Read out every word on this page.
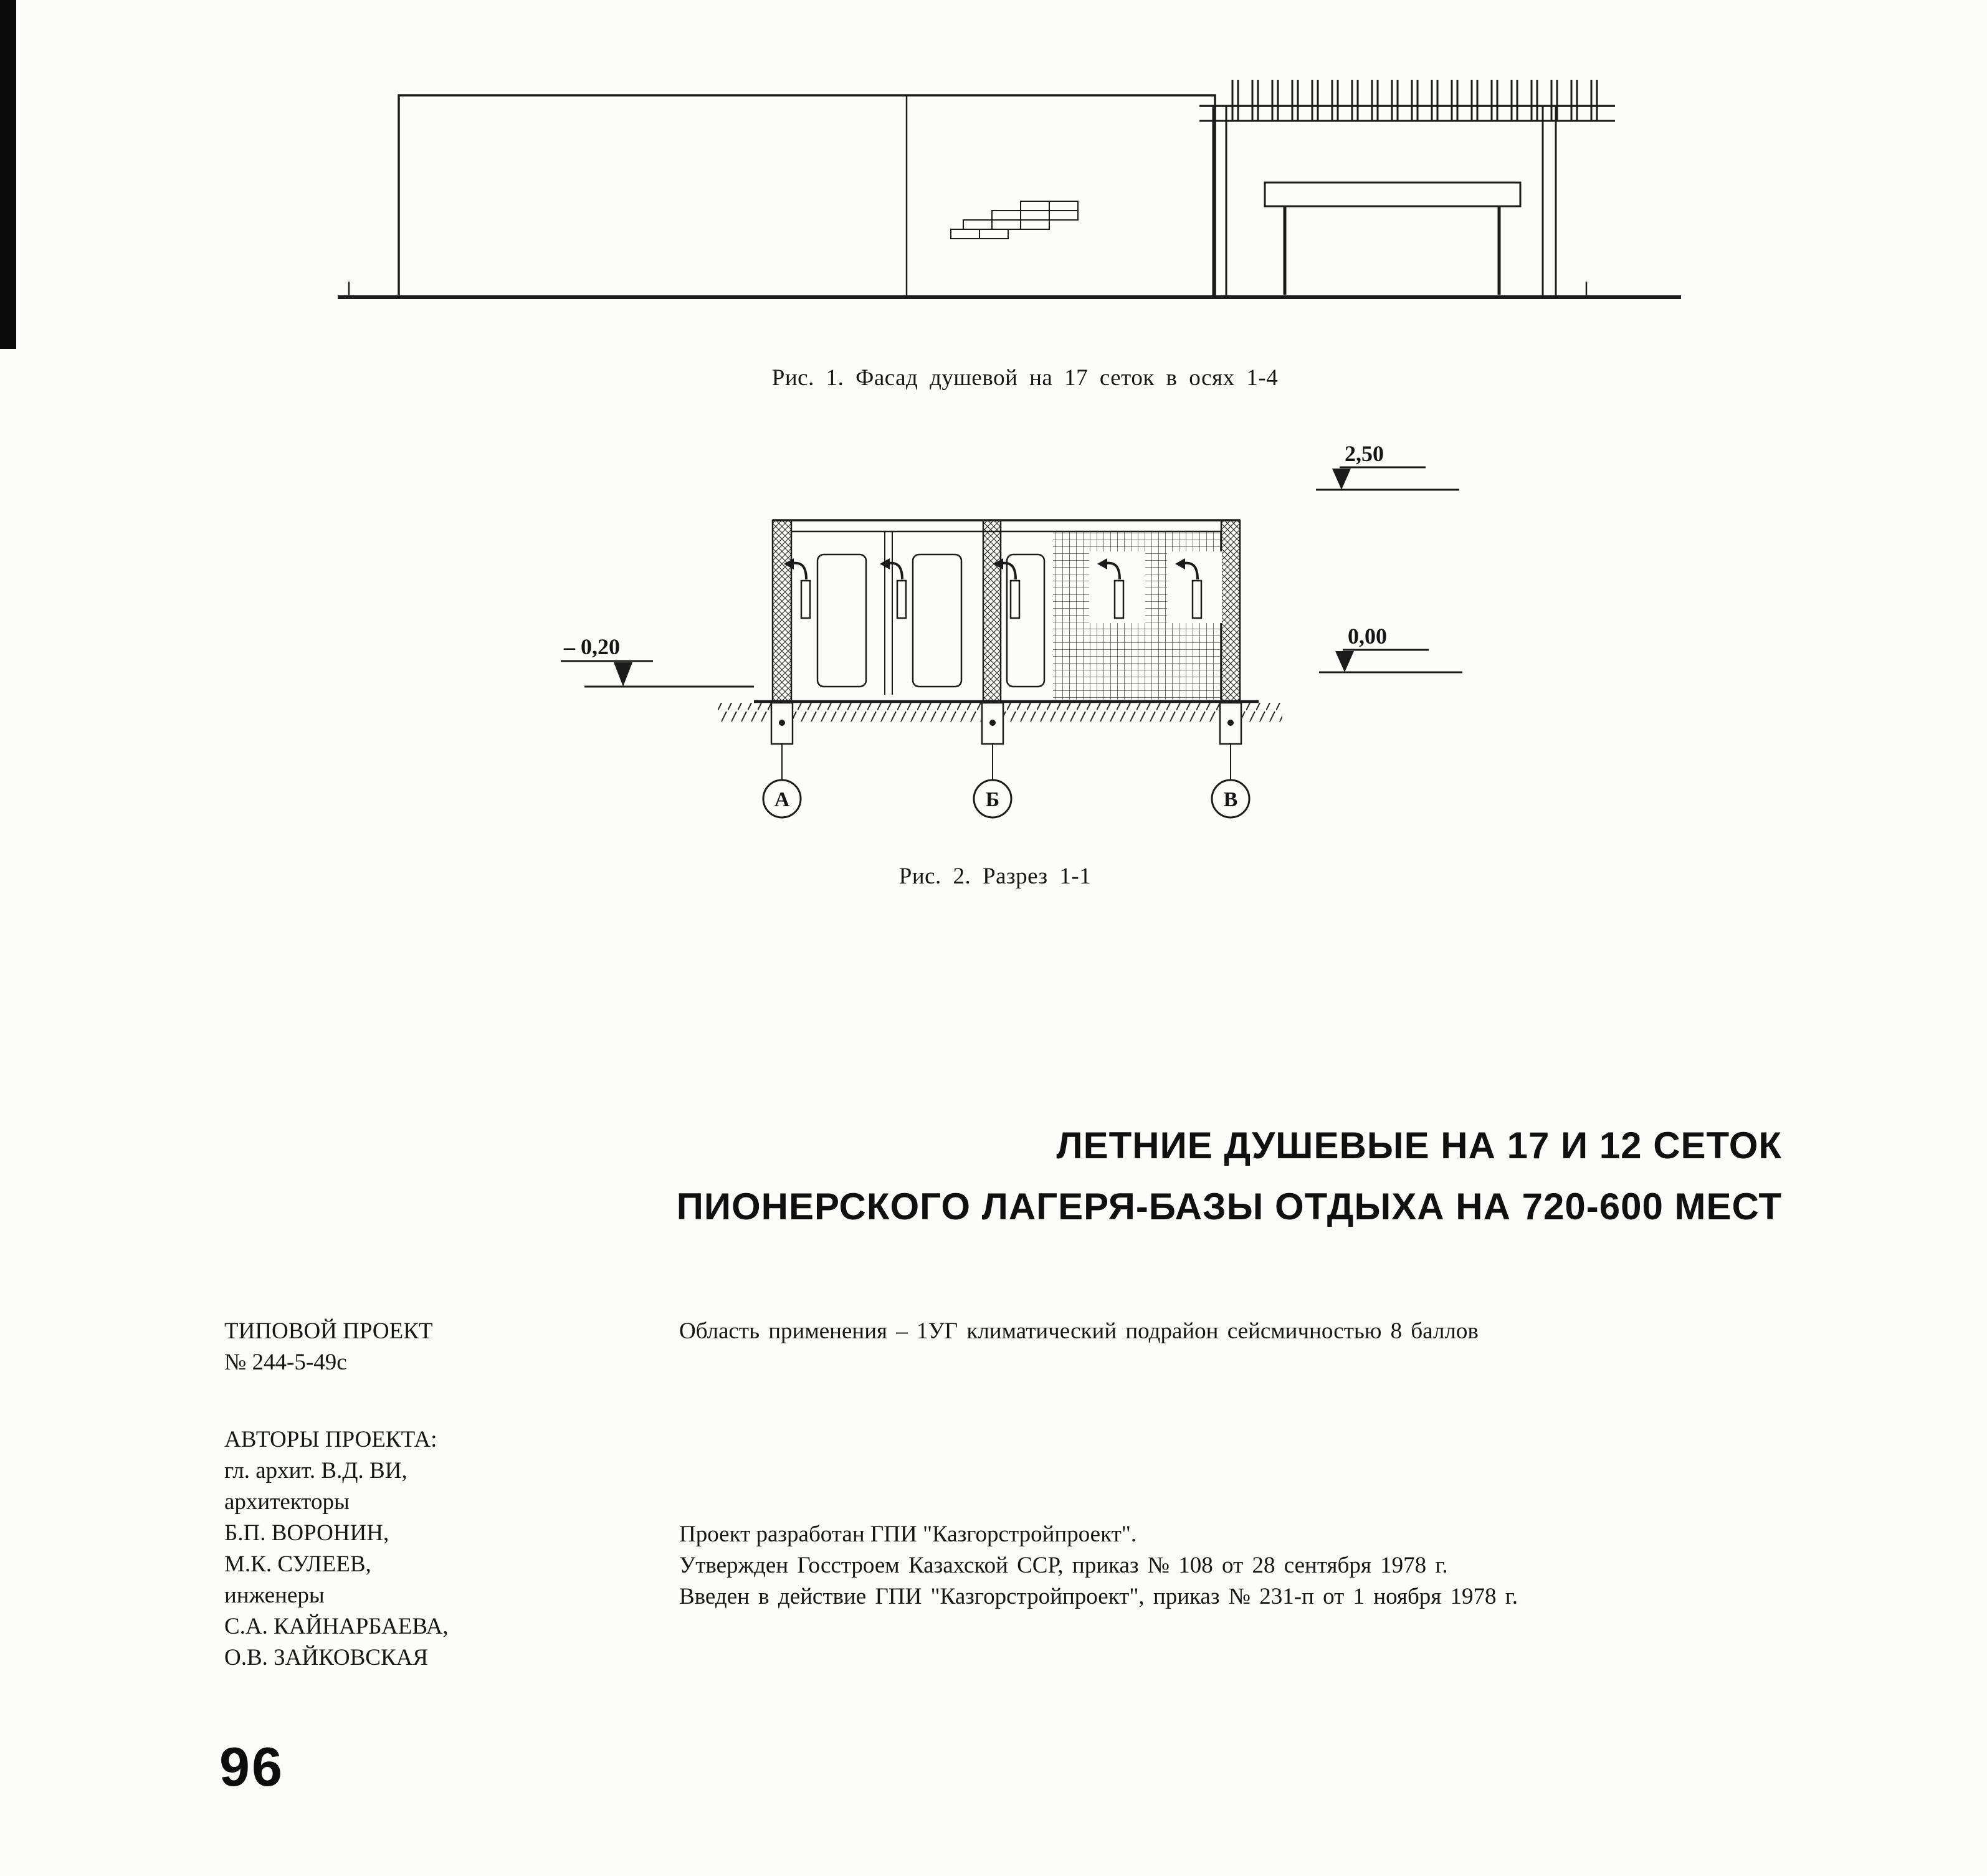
Рис. 1. Фасад душевой на 17 сеток в осях 1-4
А	Б	В
2,50
0,00
– 0,20
Рис. 2. Разрез 1-1
ЛЕТНИЕ ДУШЕВЫЕ НА 17 И 12 СЕТОК
ПИОНЕРСКОГО ЛАГЕРЯ-БАЗЫ ОТДЫХА НА 720-600 МЕСТ
ТИПОВОЙ ПРОЕКТ
№ 244-5-49с
АВТОРЫ ПРОЕКТА:
гл. архит. В.Д. ВИ,
архитекторы
Б.П. ВОРОНИН,
М.К. СУЛЕЕВ,
инженеры
С.А. КАЙНАРБАЕВА,
О.В. ЗАЙКОВСКАЯ
Область применения – 1УГ климатический подрайон сейсмичностью 8 баллов

Проект разработан ГПИ "Казгорстройпроект".

Утвержден Госстроем Казахской ССР, приказ № 108 от 28 сентября 1978 г.

Введен в действие ГПИ "Казгорстройпроект", приказ № 231-п от 1 ноября 1978 г.

96
